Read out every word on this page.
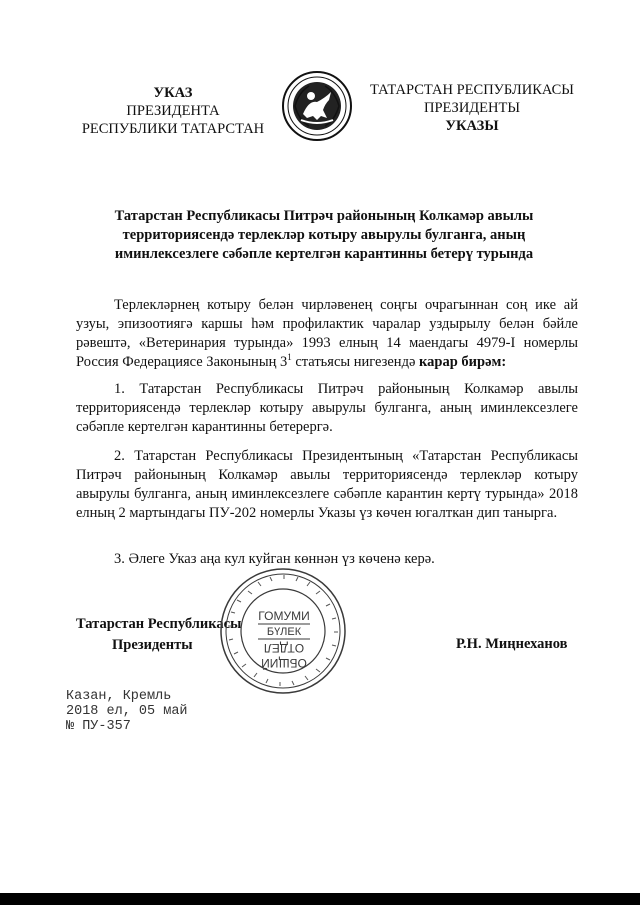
УКАЗ
ПРЕЗИДЕНТА
РЕСПУБЛИКИ ТАТАРСТАН
ТАТАРСТАН РЕСПУБЛИКАСЫ
ПРЕЗИДЕНТЫ
УКАЗЫ
Татарстан Республикасы Питрәч районының Колкамәр авылы территориясендә терлекләр котыру авырулы булганга, аның иминлексезлеге сәбәпле кертелгән карантинны бетерү турында
Терлекләрнең котыру белән чирләвенең соңгы очрагыннан соң ике ай узуы, эпизоотиягә каршы һәм профилактик чаралар уздырылу белән бәйле рәвештә, «Ветеринария турында» 1993 елның 14 маендагы 4979-I номерлы Россия Федерациясе Законының $3^1$ статьясы нигезендә карар бирәм:
1. Татарстан Республикасы Питрәч районының Колкамәр авылы территориясендә терлекләр котыру авырулы булганга, аның иминлексезлеге сәбәпле кертелгән карантинны бетерергә.
2. Татарстан Республикасы Президентының «Татарстан Республикасы Питрәч районының Колкамәр авылы территориясендә терлекләр котыру авырулы булганга, аның иминлексезлеге сәбәпле карантин кертү турында» 2018 елның 2 мартындагы ПУ-202 номерлы Указы үз көчен югалткан дип танырга.
3. Әлеге Указ аңа кул куйган көннән үз көченә керә.
Татарстан Республикасы
Президенты
ГОМУМИ
БҮЛЕК
ОТДЕЛ
ОБЩИЙ
Р.Н. Миңнеханов
Казан, Кремль
2018 ел, 05 май
№ ПУ-357
